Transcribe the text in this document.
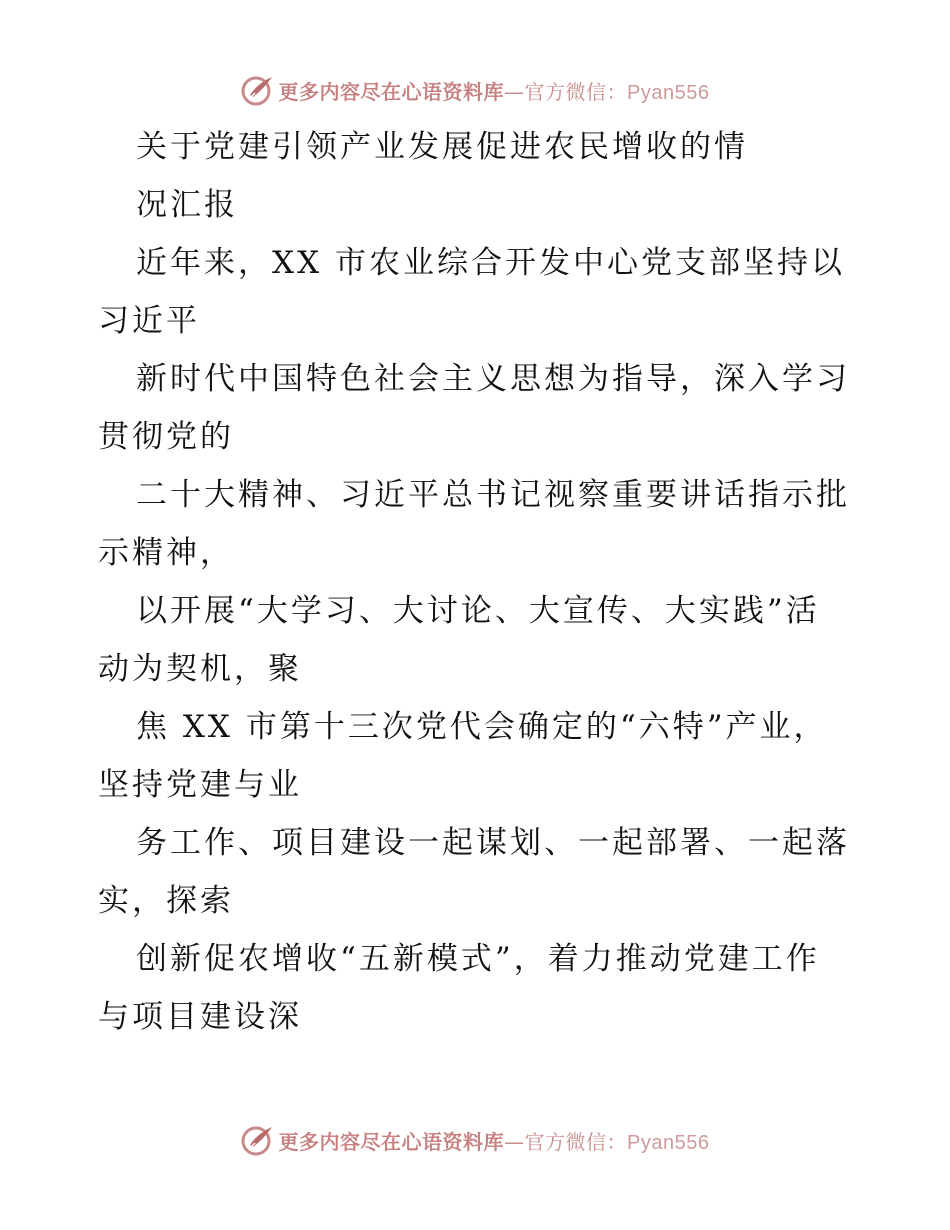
更多内容尽在心语资料库—官方微信：Pyan556
关于党建引领产业发展促进农民增收的情
况汇报
近年来，XX 市农业综合开发中心党支部坚持以
习近平
新时代中国特色社会主义思想为指导，深入学习
贯彻党的
二十大精神、习近平总书记视察重要讲话指示批
示精神，
以开展“大学习、大讨论、大宣传、大实践”活
动为契机，聚
焦 XX 市第十三次党代会确定的“六特”产业，
坚持党建与业
务工作、项目建设一起谋划、一起部署、一起落
实，探索
创新促农增收“五新模式”，着力推动党建工作
与项目建设深
更多内容尽在心语资料库—官方微信：Pyan556
